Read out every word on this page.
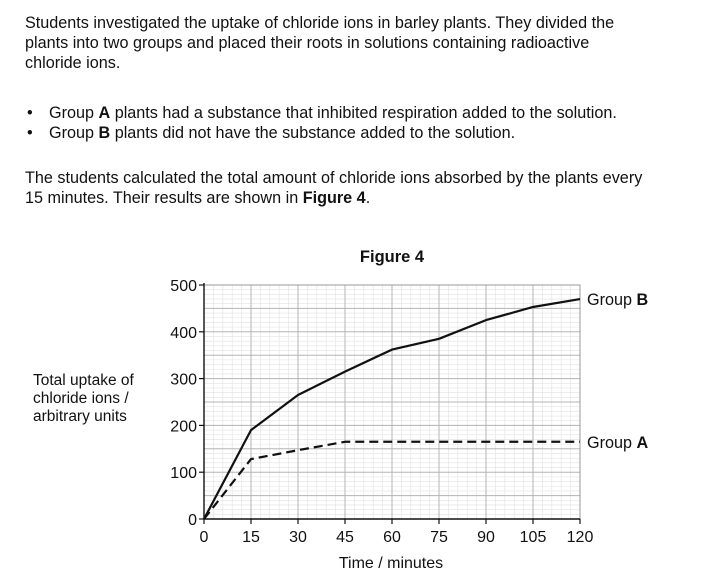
Students investigated the uptake of chloride ions in barley plants. They divided the

plants into two groups and placed their roots in solutions containing radioactive

chloride ions.

• Group A plants had a substance that inhibited respiration added to the solution.
• Group B plants did not have the substance added to the solution.

The students calculated the total amount of chloride ions absorbed by the plants every

15 minutes. Their results are shown in Figure 4.

Total uptake of
chloride ions /
arbitrary units
0
100
200
300
400
500
0 15 30 45 60 75 90 105 120
Figure 4
Time / minutes
Group B
Group A
